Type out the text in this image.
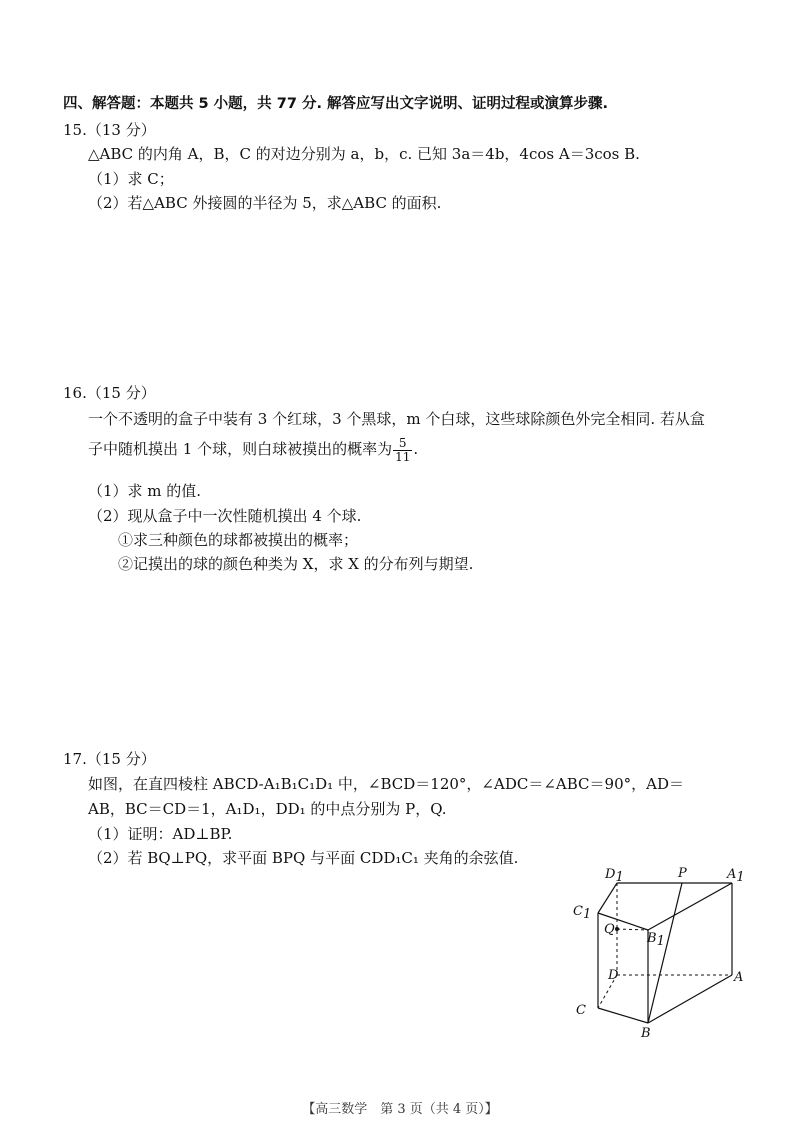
四、解答题：本题共 5 小题，共 77 分. 解答应写出文字说明、证明过程或演算步骤.
15.（13 分）
△ABC 的内角 A，B，C 的对边分别为 a，b，c. 已知 3a＝4b，4cos A＝3cos B.
（1）求 C；
（2）若△ABC 外接圆的半径为 5，求△ABC 的面积.
16.（15 分）
一个不透明的盒子中装有 3 个红球，3 个黑球，m 个白球，这些球除颜色外完全相同. 若从盒
子中随机摸出 1 个球，则白球被摸出的概率为 $\frac{5}{11}$ .
（1）求 m 的值.
（2）现从盒子中一次性随机摸出 4 个球.
①求三种颜色的球都被摸出的概率；
②记摸出的球的颜色种类为 X，求 X 的分布列与期望.
17.（15 分）
如图，在直四棱柱 ABCD-A₁B₁C₁D₁ 中，∠BCD＝120°，∠ADC＝∠ABC＝90°，AD＝
AB，BC＝CD＝1，A₁D₁，DD₁ 的中点分别为 P，Q.
（1）证明：AD⊥BP.
（2）若 BQ⊥PQ，求平面 BPQ 与平面 CDD₁C₁ 夹角的余弦值.
D1	P	A1
C1
Q
B1
D	A
C
B
【高三数学　第 3 页（共 4 页）】
